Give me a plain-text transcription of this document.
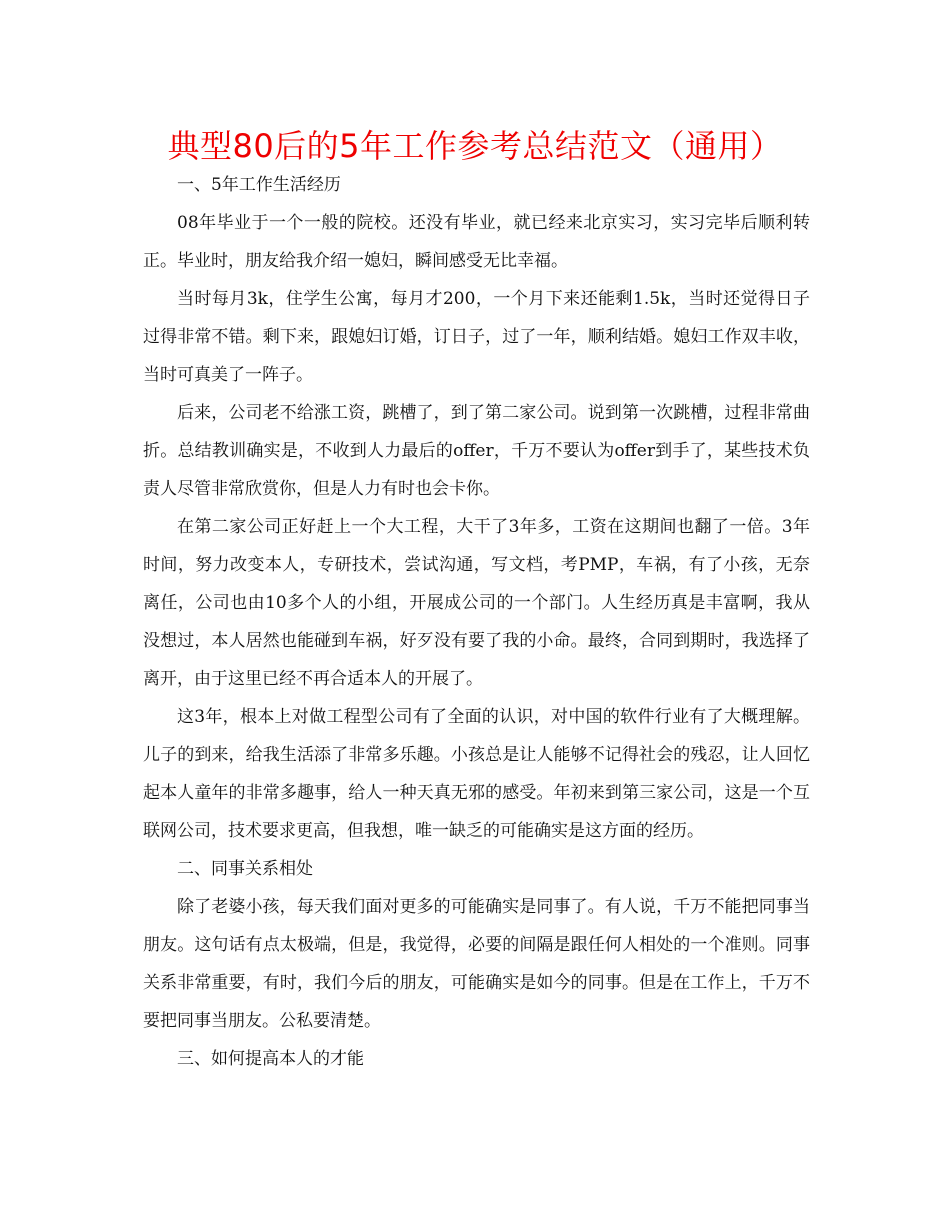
典型80后的5年工作参考总结范文（通用）

一、5年工作生活经历

08年毕业于一个一般的院校。还没有毕业，就已经来北京实习，实习完毕后顺利转正。毕业时，朋友给我介绍一媳妇，瞬间感受无比幸福。

当时每月3k，住学生公寓，每月才200，一个月下来还能剩1.5k，当时还觉得日子过得非常不错。剩下来，跟媳妇订婚，订日子，过了一年，顺利结婚。媳妇工作双丰收，当时可真美了一阵子。

后来，公司老不给涨工资，跳槽了，到了第二家公司。说到第一次跳槽，过程非常曲折。总结教训确实是，不收到人力最后的offer，千万不要认为offer到手了，某些技术负责人尽管非常欣赏你，但是人力有时也会卡你。

在第二家公司正好赶上一个大工程，大干了3年多，工资在这期间也翻了一倍。3年时间，努力改变本人，专研技术，尝试沟通，写文档，考PMP，车祸，有了小孩，无奈离任，公司也由10多个人的小组，开展成公司的一个部门。人生经历真是丰富啊，我从没想过，本人居然也能碰到车祸，好歹没有要了我的小命。最终，合同到期时，我选择了离开，由于这里已经不再合适本人的开展了。

这3年，根本上对做工程型公司有了全面的认识，对中国的软件行业有了大概理解。儿子的到来，给我生活添了非常多乐趣。小孩总是让人能够不记得社会的残忍，让人回忆起本人童年的非常多趣事，给人一种天真无邪的感受。年初来到第三家公司，这是一个互联网公司，技术要求更高，但我想，唯一缺乏的可能确实是这方面的经历。

二、同事关系相处

除了老婆小孩，每天我们面对更多的可能确实是同事了。有人说，千万不能把同事当朋友。这句话有点太极端，但是，我觉得，必要的间隔是跟任何人相处的一个准则。同事关系非常重要，有时，我们今后的朋友，可能确实是如今的同事。但是在工作上，千万不要把同事当朋友。公私要清楚。

三、如何提高本人的才能
